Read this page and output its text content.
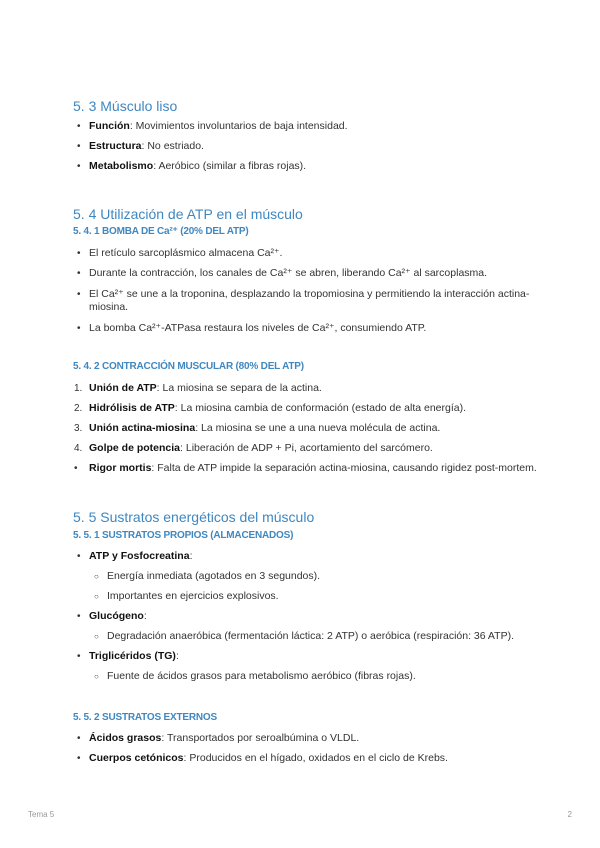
5. 3 Músculo liso
• Función: Movimientos involuntarios de baja intensidad.
• Estructura: No estriado.
• Metabolismo: Aeróbico (similar a fibras rojas).
5. 4 Utilización de ATP en el músculo
5. 4. 1 BOMBA DE Ca²⁺ (20% DEL ATP)
• El retículo sarcoplásmico almacena Ca²⁺.
• Durante la contracción, los canales de Ca²⁺ se abren, liberando Ca²⁺ al sarcoplasma.
• El Ca²⁺ se une a la troponina, desplazando la tropomiosina y permitiendo la interacción actina-
miosina.
• La bomba Ca²⁺-ATPasa restaura los niveles de Ca²⁺, consumiendo ATP.
5. 4. 2 CONTRACCIÓN MUSCULAR (80% DEL ATP)
5. 5 Sustratos energéticos del músculo
5. 5. 1 SUSTRATOS PROPIOS (ALMACENADOS)
5. 5. 2 SUSTRATOS EXTERNOS
Tema 5	2
1. Unión de ATP: La miosina se separa de la actina.
2. Hidrólisis de ATP: La miosina cambia de conformación (estado de alta energía).
3. Unión actina-miosina: La miosina se une a una nueva molécula de actina.
4. Golpe de potencia: Liberación de ADP + Pi, acortamiento del sarcómero.
• Rigor mortis: Falta de ATP impide la separación actina-miosina, causando rigidez post-mortem.
• ATP y Fosfocreatina:
○ Energía inmediata (agotados en 3 segundos).
○ Importantes en ejercicios explosivos.
• Glucógeno:
○ Degradación anaeróbica (fermentación láctica: 2 ATP) o aeróbica (respiración: 36 ATP).
• Triglicéridos (TG):
○ Fuente de ácidos grasos para metabolismo aeróbico (fibras rojas).
• Ácidos grasos: Transportados por seroalbúmina o VLDL.
• Cuerpos cetónicos: Producidos en el hígado, oxidados en el ciclo de Krebs.
